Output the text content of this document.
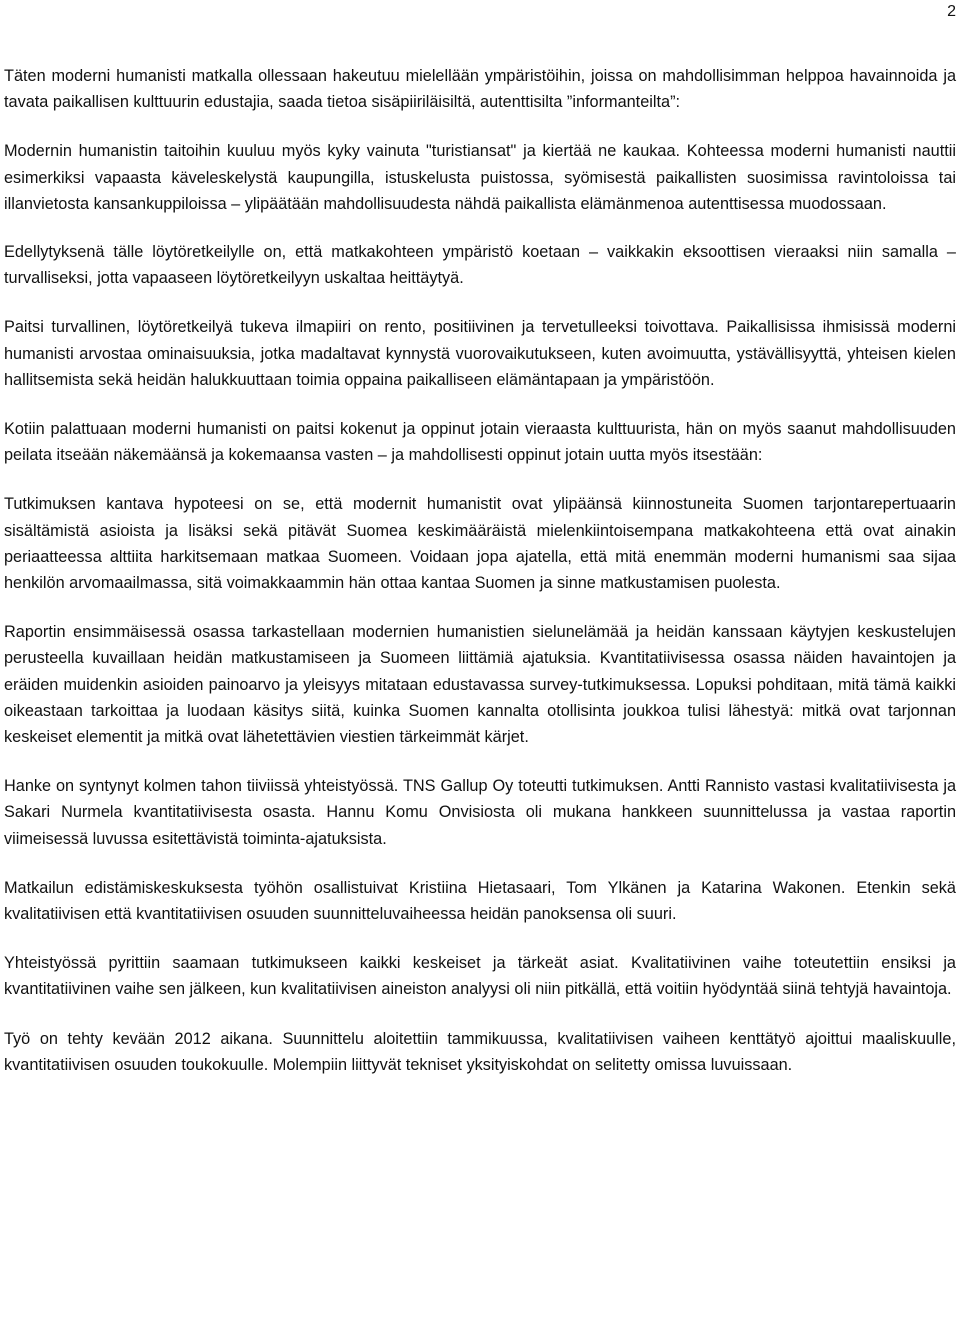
2

Täten moderni humanisti matkalla ollessaan hakeutuu mielellään ympäristöihin, joissa on mahdollisimman helppoa havainnoida ja tavata paikallisen kulttuurin edustajia, saada tietoa sisäpiiriläisiltä, autenttisilta ”informanteilta”:

Modernin humanistin taitoihin kuuluu myös kyky vainuta "turistiansat" ja kiertää ne kaukaa. Kohteessa moderni humanisti nauttii esimerkiksi vapaasta käveleskelystä kaupungilla, istuskelusta puistossa, syömisestä paikallisten suosimissa ravintoloissa tai illanvietosta kansankuppiloissa – ylipäätään mahdollisuudesta nähdä paikallista elämänmenoa autenttisessa muodossaan.

Edellytyksenä tälle löytöretkeilylle on, että matkakohteen ympäristö koetaan – vaikkakin eksoottisen vieraaksi niin samalla – turvalliseksi, jotta vapaaseen löytöretkeilyyn uskaltaa heittäytyä.

Paitsi turvallinen, löytöretkeilyä tukeva ilmapiiri on rento, positiivinen ja tervetulleeksi toivottava. Paikallisissa ihmisissä moderni humanisti arvostaa ominaisuuksia, jotka madaltavat kynnystä vuorovaikutukseen, kuten avoimuutta, ystävällisyyttä, yhteisen kielen hallitsemista sekä heidän halukkuuttaan toimia oppaina paikalliseen elämäntapaan ja ympäristöön.

Kotiin palattuaan moderni humanisti on paitsi kokenut ja oppinut jotain vieraasta kulttuurista, hän on myös saanut mahdollisuuden peilata itseään näkemäänsä ja kokemaansa vasten – ja mahdollisesti oppinut jotain uutta myös itsestään:

Tutkimuksen kantava hypoteesi on se, että modernit humanistit ovat ylipäänsä kiinnostuneita Suomen tarjontarepertuaarin sisältämistä asioista ja lisäksi sekä pitävät Suomea keskimääräistä mielenkiintoisempana matkakohteena että ovat ainakin periaatteessa alttiita harkitsemaan matkaa Suomeen. Voidaan jopa ajatella, että mitä enemmän moderni humanismi saa sijaa henkilön arvomaailmassa, sitä voimakkaammin hän ottaa kantaa Suomen ja sinne matkustamisen puolesta.

Raportin ensimmäisessä osassa tarkastellaan modernien humanistien sielunelämää ja heidän kanssaan käytyjen keskustelujen perusteella kuvaillaan heidän matkustamiseen ja Suomeen liittämiä ajatuksia. Kvantitatiivisessa osassa näiden havaintojen ja eräiden muidenkin asioiden painoarvo ja yleisyys mitataan edustavassa survey-tutkimuksessa. Lopuksi pohditaan, mitä tämä kaikki oikeastaan tarkoittaa ja luodaan käsitys siitä, kuinka Suomen kannalta otollisinta joukkoa tulisi lähestyä: mitkä ovat tarjonnan keskeiset elementit ja mitkä ovat lähetettävien viestien tärkeimmät kärjet.

Hanke on syntynyt kolmen tahon tiiviissä yhteistyössä. TNS Gallup Oy toteutti tutkimuksen. Antti Rannisto vastasi kvalitatiivisesta ja Sakari Nurmela kvantitatiivisesta osasta. Hannu Komu Onvisiosta oli mukana hankkeen suunnittelussa ja vastaa raportin viimeisessä luvussa esitettävistä toiminta-ajatuksista.

Matkailun edistämiskeskuksesta työhön osallistuivat Kristiina Hietasaari, Tom Ylkänen ja Katarina Wakonen. Etenkin sekä kvalitatiivisen että kvantitatiivisen osuuden suunnitteluvaiheessa heidän panoksensa oli suuri.

Yhteistyössä pyrittiin saamaan tutkimukseen kaikki keskeiset ja tärkeät asiat. Kvalitatiivinen vaihe toteutettiin ensiksi ja kvantitatiivinen vaihe sen jälkeen, kun kvalitatiivisen aineiston analyysi oli niin pitkällä, että voitiin hyödyntää siinä tehtyjä havaintoja.

Työ on tehty kevään 2012 aikana. Suunnittelu aloitettiin tammikuussa, kvalitatiivisen vaiheen kenttätyö ajoittui maaliskuulle, kvantitatiivisen osuuden toukokuulle. Molempiin liittyvät tekniset yksityiskohdat on selitetty omissa luvuissaan.
